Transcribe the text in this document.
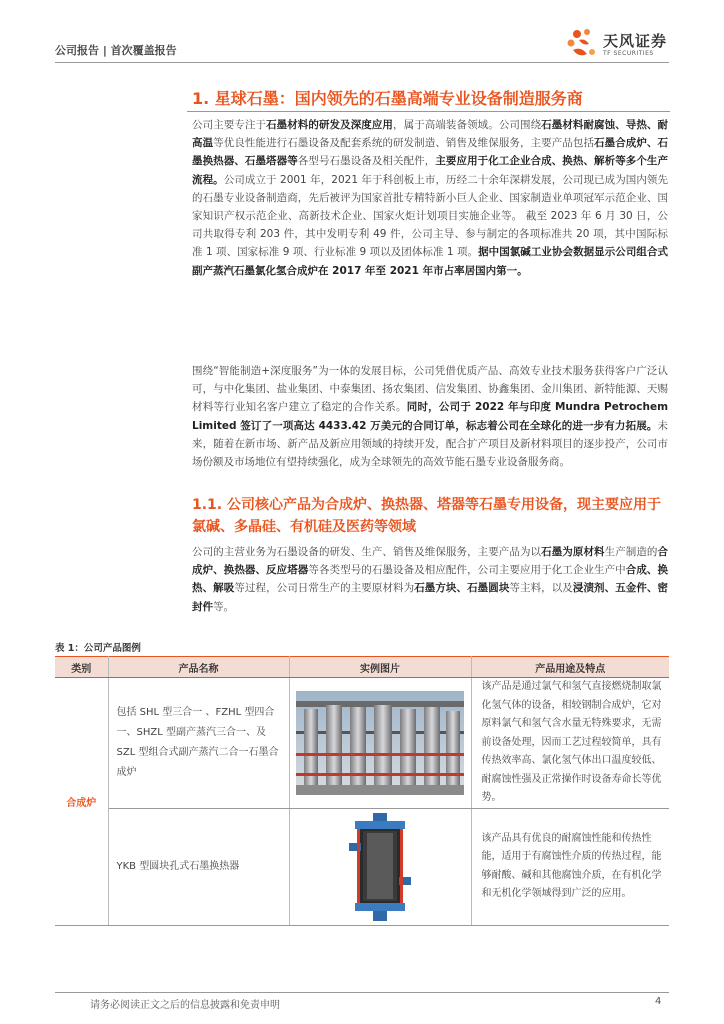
公司报告 | 首次覆盖报告
天风证券
TF SECURITIES
1. 星球石墨：国内领先的石墨高端专业设备制造服务商
公司主要专注于石墨材料的研发及深度应用，属于高端装备领域。公司围绕石墨材料耐腐蚀、导热、耐高温等优良性能进行石墨设备及配套系统的研发制造、销售及维保服务，主要产品包括石墨合成炉、石墨换热器、石墨塔器等各型号石墨设备及相关配件，主要应用于化工企业合成、换热、解析等多个生产流程。公司成立于 2001 年，2021 年于科创板上市，历经二十余年深耕发展，公司现已成为国内领先的石墨专业设备制造商，先后被评为国家首批专精特新小巨人企业、国家制造业单项冠军示范企业、国家知识产权示范企业、高新技术企业、国家火炬计划项目实施企业等。 截至 2023 年 6 月 30 日，公司共取得专利 203 件，其中发明专利 49 件，公司主导、参与制定的各项标准共 20 项，其中国际标准 1 项、国家标准 9 项、行业标准 9 项以及团体标准 1 项。据中国氯碱工业协会数据显示公司组合式副产蒸汽石墨氯化氢合成炉在 2017 年至 2021 年市占率居国内第一。
围绕“智能制造+深度服务”为一体的发展目标，公司凭借优质产品、高效专业技术服务获得客户广泛认可，与中化集团、盐业集团、中泰集团、扬农集团、信发集团、协鑫集团、金川集团、新特能源、天赐材料等行业知名客户建立了稳定的合作关系。同时，公司于 2022 年与印度 Mundra Petrochem Limited 签订了一项高达 4433.42 万美元的合同订单，标志着公司在全球化的进一步有力拓展。未来，随着在新市场、新产品及新应用领域的持续开发，配合扩产项目及新材料项目的逐步投产，公司市场份额及市场地位有望持续强化，成为全球领先的高效节能石墨专业设备服务商。
1.1. 公司核心产品为合成炉、换热器、塔器等石墨专用设备，现主要应用于氯碱、多晶硅、有机硅及医药等领域
公司的主营业务为石墨设备的研发、生产、销售及维保服务，主要产品为以石墨为原材料生产制造的合成炉、换热器、反应塔器等各类型号的石墨设备及相应配件，公司主要应用于化工企业生产中合成、换热、解吸等过程，公司日常生产的主要原材料为石墨方块、石墨圆块等主料，以及浸渍剂、五金件、密封件等。
表 1：公司产品图例
类别	产品名称	实例图片	产品用途及特点
合成炉	包括 SHL 型三合一 、FZHL 型四合一、SHZL 型副产蒸汽三合一、及 SZL 型组合式副产蒸汽二合一石墨合成炉		该产品是通过氯气和氢气直接燃烧制取氯化氢气体的设备，相较钢制合成炉，它对原料氯气和氢气含水量无特殊要求，无需前设备处理，因而工艺过程较简单，具有传热效率高、氯化氢气体出口温度较低、耐腐蚀性强及正常操作时设备寿命长等优势。
	YKB 型圆块孔式石墨换热器		该产品具有优良的耐腐蚀性能和传热性能，适用于有腐蚀性介质的传热过程，能够耐酸、碱和其他腐蚀介质，在有机化学和无机化学领域得到广泛的应用。
请务必阅读正文之后的信息披露和免责申明	4
